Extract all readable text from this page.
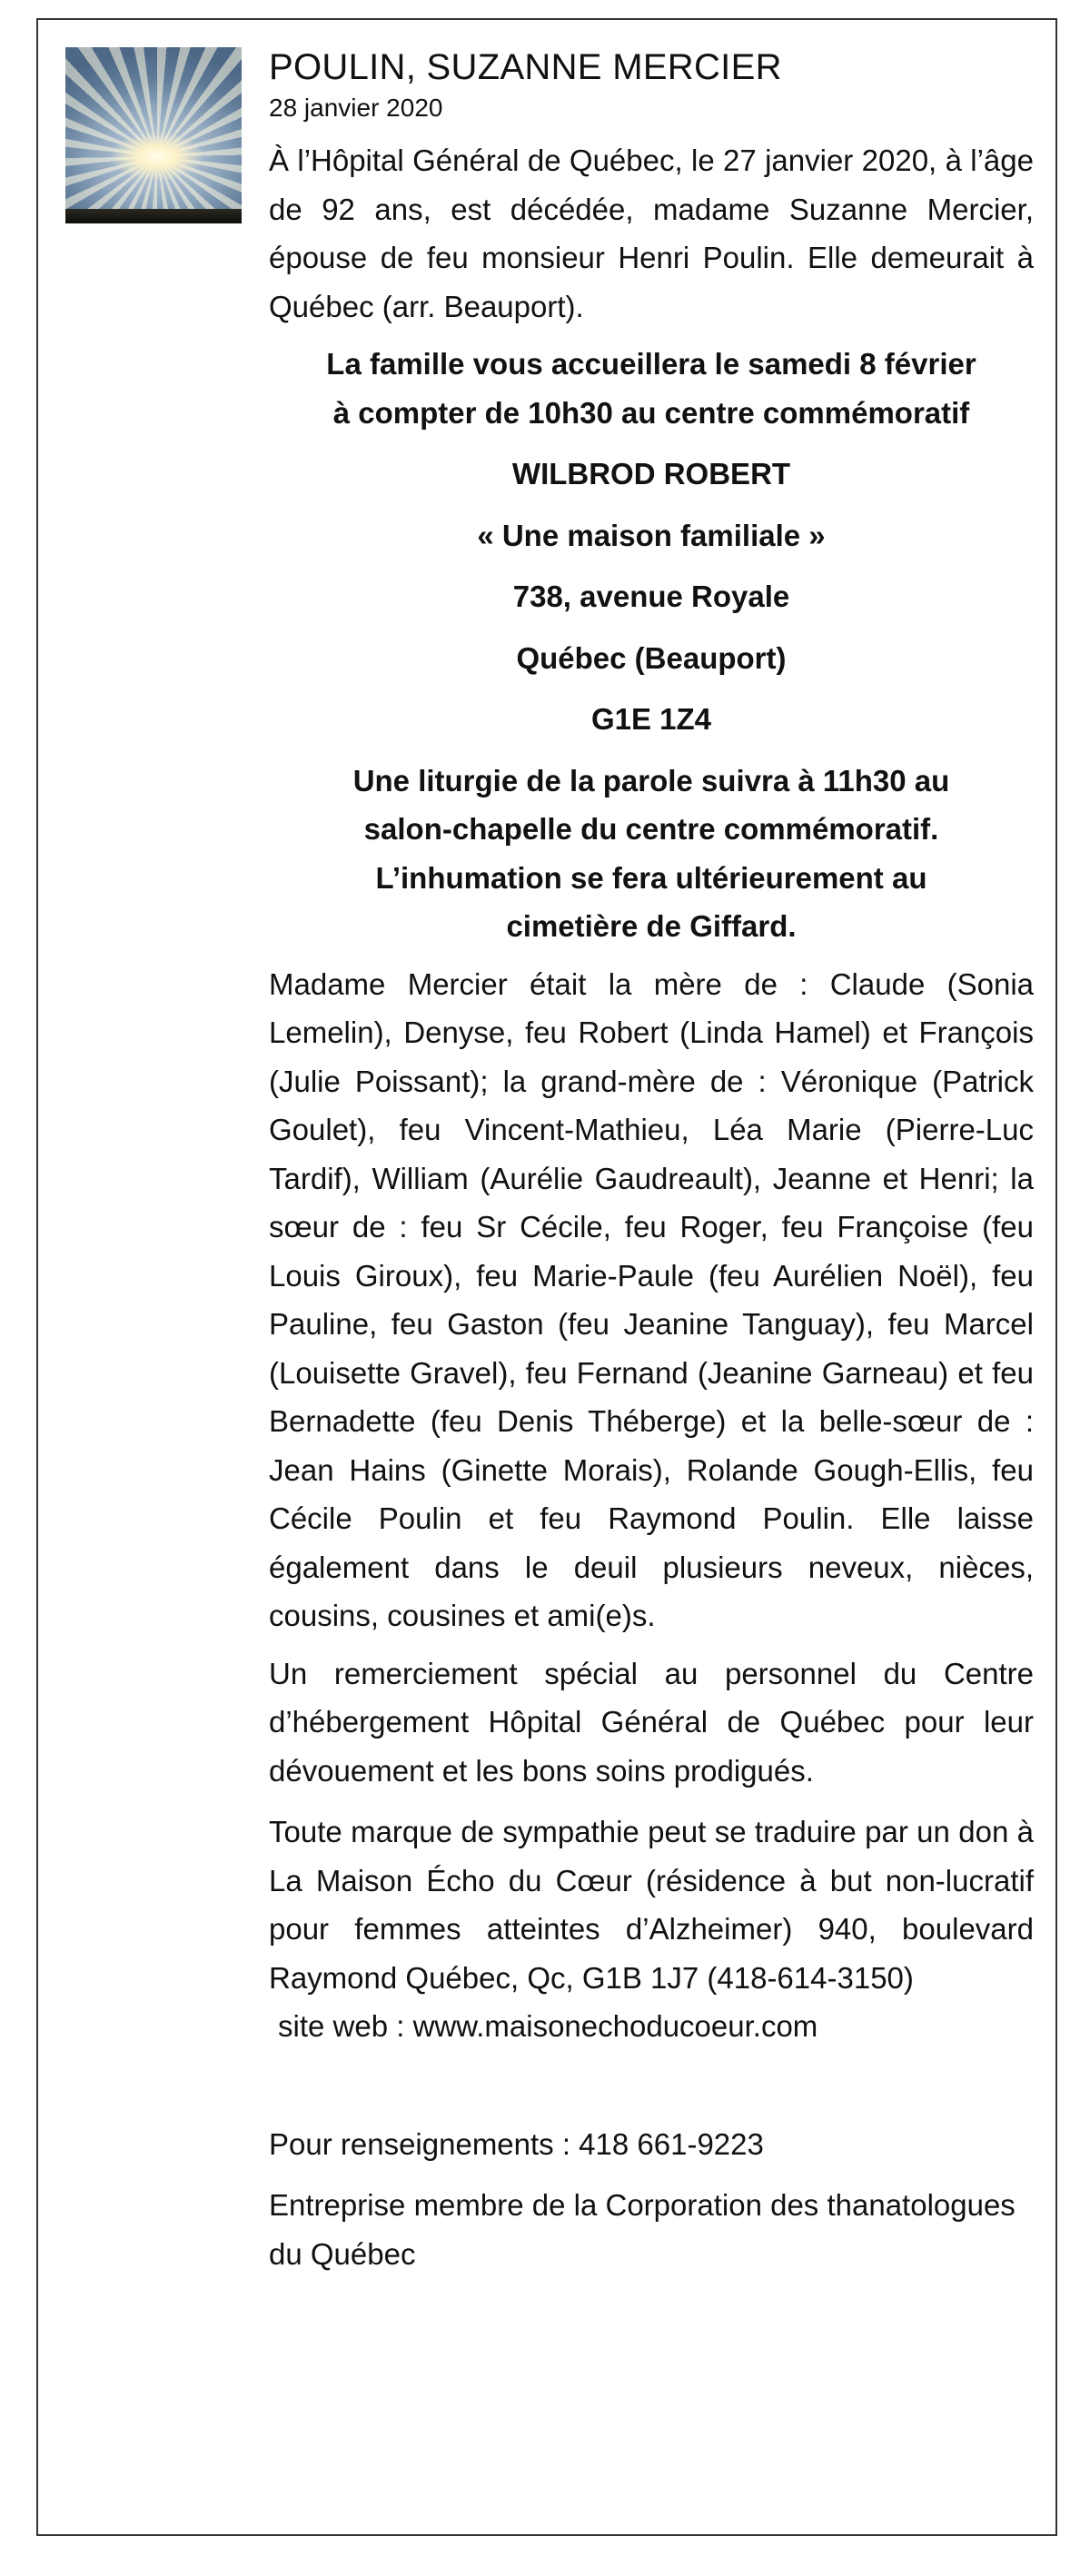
POULIN, SUZANNE MERCIER
28 janvier 2020

À l’Hôpital Général de Québec, le 27 janvier 2020, à l’âge de 92 ans, est décédée, madame Suzanne Mercier, épouse de feu monsieur Henri Poulin. Elle demeurait à Québec (arr. Beauport).

La famille vous accueillera le samedi 8 février

à compter de 10h30 au centre commémoratif

WILBROD ROBERT

« Une maison familiale »

738, avenue Royale

Québec (Beauport)

G1E 1Z4

Une liturgie de la parole suivra à 11h30 au

salon-chapelle du centre commémoratif.

L’inhumation se fera ultérieurement au

cimetière de Giffard.

Madame Mercier était la mère de : Claude (Sonia Lemelin), Denyse, feu Robert (Linda Hamel) et François (Julie Poissant); la grand-mère de : Véronique (Patrick Goulet), feu Vincent-Mathieu, Léa Marie (Pierre-Luc Tardif), William (Aurélie Gaudreault), Jeanne et Henri; la sœur de : feu Sr Cécile, feu Roger, feu Françoise (feu Louis Giroux), feu Marie-Paule (feu Aurélien Noël), feu Pauline, feu Gaston (feu Jeanine Tanguay), feu Marcel (Louisette Gravel), feu Fernand (Jeanine Garneau) et feu Bernadette (feu Denis Théberge) et la belle-sœur de : Jean Hains (Ginette Morais), Rolande Gough-Ellis, feu Cécile Poulin et feu Raymond Poulin. Elle laisse également dans le deuil plusieurs neveux, nièces, cousins, cousines et ami(e)s.

Un remerciement spécial au personnel du Centre d’hébergement Hôpital Général de Québec pour leur dévouement et les bons soins prodigués.

Toute marque de sympathie peut se traduire par un don à La Maison Écho du Cœur (résidence à but non-lucratif pour femmes atteintes d’Alzheimer) 940, boulevard Raymond Québec, Qc, G1B 1J7 (418-614-3150)

site web : www.maisonechoducoeur.com

Pour renseignements : 418 661-9223

Entreprise membre de la Corporation des thanatologues du Québec
